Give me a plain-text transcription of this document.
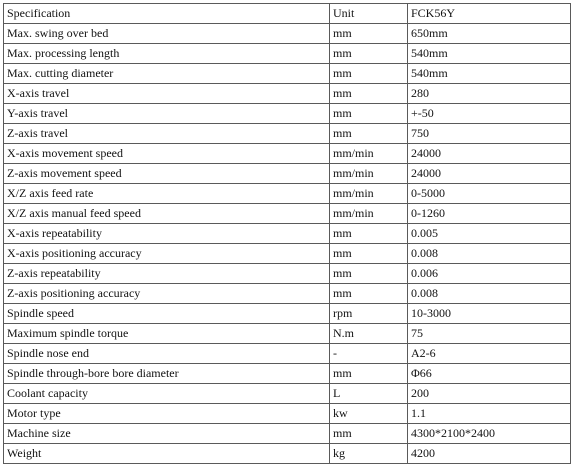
Specification	Unit	FCK56Y
Max. swing over bed	mm	650mm
Max. processing length	mm	540mm
Max. cutting diameter	mm	540mm
X-axis travel	mm	280
Y-axis travel	mm	+-50
Z-axis travel	mm	750
X-axis movement speed	mm/min	24000
Z-axis movement speed	mm/min	24000
X/Z axis feed rate	mm/min	0-5000
X/Z axis manual feed speed	mm/min	0-1260
X-axis repeatability	mm	0.005
X-axis positioning accuracy	mm	0.008
Z-axis repeatability	mm	0.006
Z-axis positioning accuracy	mm	0.008
Spindle speed	rpm	10-3000
Maximum spindle torque	N.m	75
Spindle nose end	-	A2-6
Spindle through-bore bore diameter	mm	Φ66
Coolant capacity	L	200
Motor type	kw	1.1
Machine size	mm	4300*2100*2400
Weight	kg	4200
